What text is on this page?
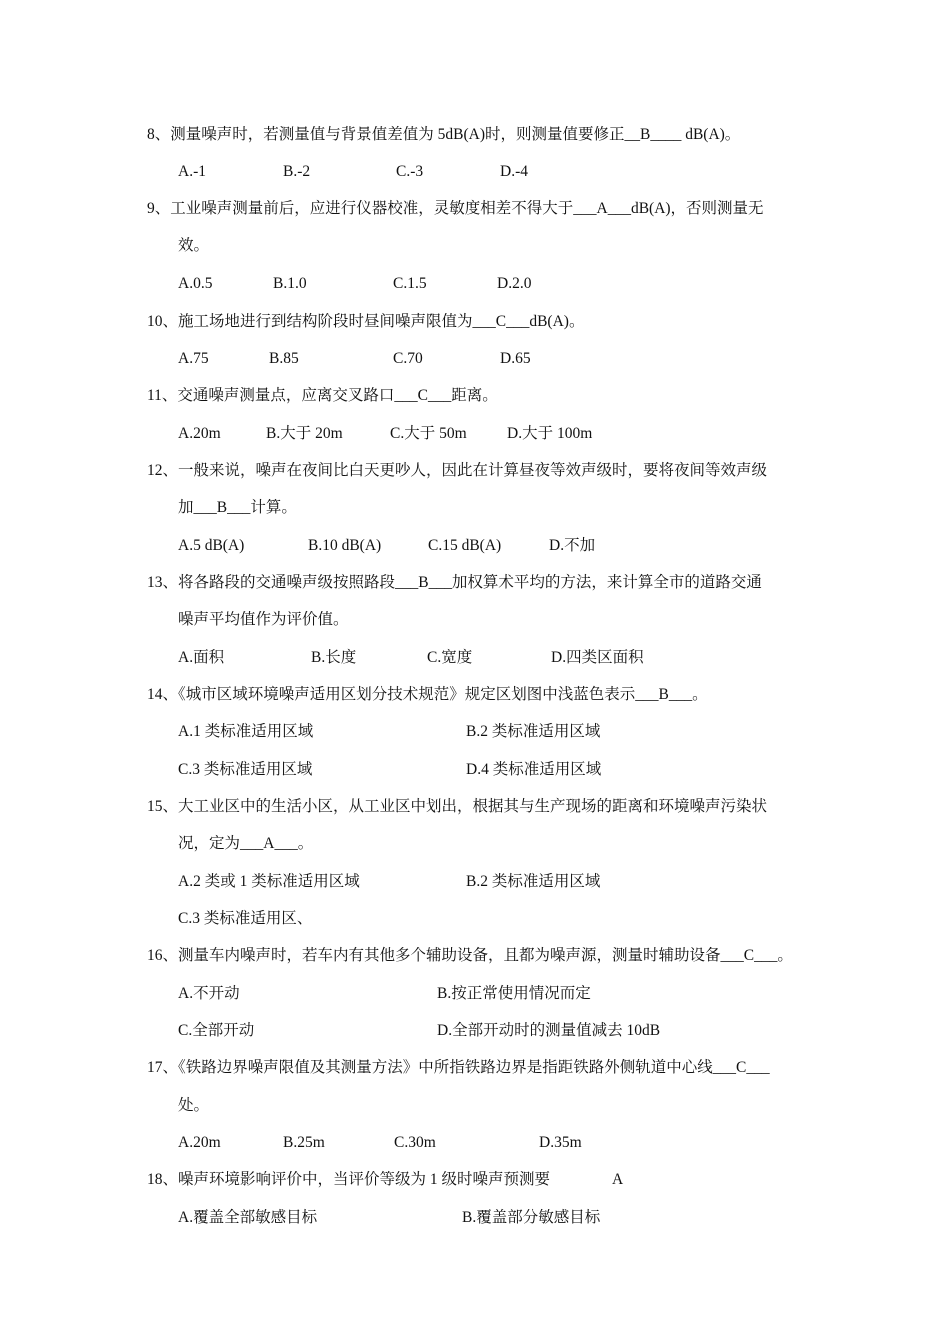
8、测量噪声时，若测量值与背景值差值为 5dB(A)时，则测量值要修正__B____ dB(A)。
A.-1	B.-2	C.-3	D.-4
9、工业噪声测量前后，应进行仪器校准，灵敏度相差不得大于___A___dB(A)，否则测量无
效。
A.0.5	B.1.0	C.1.5	D.2.0
10、施工场地进行到结构阶段时昼间噪声限值为___C___dB(A)。
A.75	B.85	C.70	D.65
11、交通噪声测量点，应离交叉路口___C___距离。
A.20m	B.大于 20m	C.大于 50m	D.大于 100m
12、一般来说，噪声在夜间比白天更吵人，因此在计算昼夜等效声级时，要将夜间等效声级
加___B___计算。
A.5 dB(A)	B.10 dB(A)	C.15 dB(A)	D.不加
13、将各路段的交通噪声级按照路段___B___加权算术平均的方法，来计算全市的道路交通
噪声平均值作为评价值。
A.面积	B.长度	C.宽度	D.四类区面积
14、《城市区域环境噪声适用区划分技术规范》规定区划图中浅蓝色表示___B___。
A.1 类标准适用区域	B.2 类标准适用区域
C.3 类标准适用区域	D.4 类标准适用区域
15、大工业区中的生活小区，从工业区中划出，根据其与生产现场的距离和环境噪声污染状
况，定为___A___。
A.2 类或 1 类标准适用区域	B.2 类标准适用区域
C.3 类标准适用区、
16、测量车内噪声时，若车内有其他多个辅助设备，且都为噪声源，测量时辅助设备___C___。
A.不开动	B.按正常使用情况而定
C.全部开动	D.全部开动时的测量值减去 10dB
17、《铁路边界噪声限值及其测量方法》中所指铁路边界是指距铁路外侧轨道中心线___C___
处。
A.20m	B.25m	C.30m	D.35m
18、噪声环境影响评价中，当评价等级为 1 级时噪声预测要	A
A.覆盖全部敏感目标	B.覆盖部分敏感目标
